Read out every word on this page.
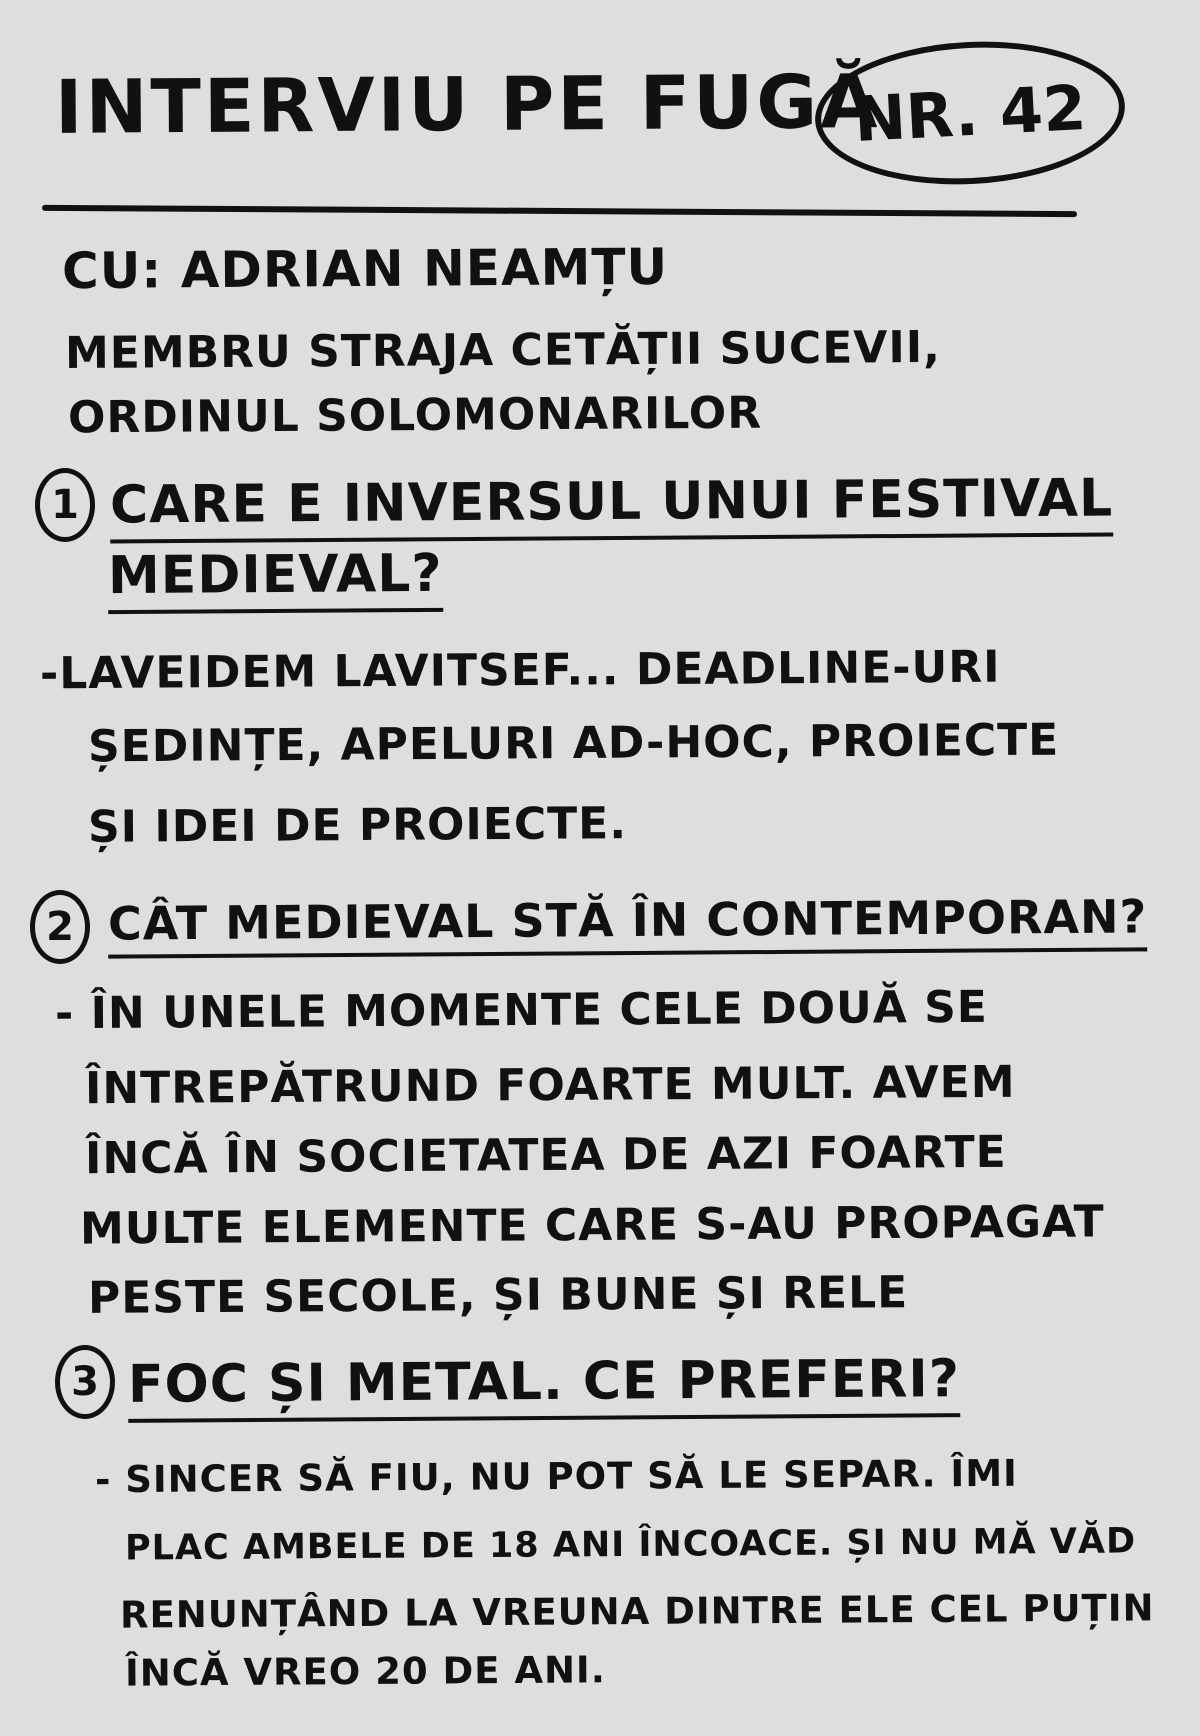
INTERVIU PE FUGĂ
NR. 42
CU: ADRIAN NEAMȚU
MEMBRU STRAJA CETĂȚII SUCEVII,
ORDINUL SOLOMONARILOR
1 CARE E INVERSUL UNUI FESTIVAL
MEDIEVAL?
-LAVEIDEM LAVITSEF... DEADLINE-URI
ȘEDINȚE, APELURI AD-HOC, PROIECTE
ȘI IDEI DE PROIECTE.
2 CÂT MEDIEVAL STĂ ÎN CONTEMPORAN?
- ÎN UNELE MOMENTE CELE DOUĂ SE
ÎNTREPĂTRUND FOARTE MULT. AVEM
ÎNCĂ ÎN SOCIETATEA DE AZI FOARTE
MULTE ELEMENTE CARE S-AU PROPAGAT
PESTE SECOLE, ȘI BUNE ȘI RELE
3 FOC ȘI METAL. CE PREFERI?
- SINCER SĂ FIU, NU POT SĂ LE SEPAR. ÎMI
PLAC AMBELE DE 18 ANI ÎNCOACE. ȘI NU MĂ VĂD
RENUNȚÂND LA VREUNA DINTRE ELE CEL PUȚIN
ÎNCĂ VREO 20 DE ANI.
